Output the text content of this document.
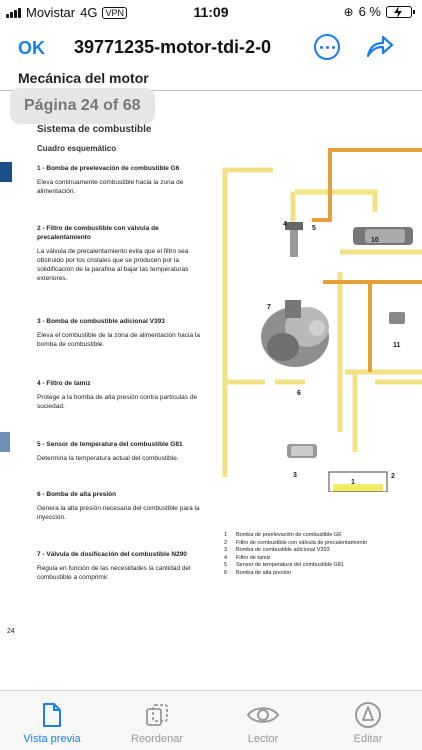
Movistar 4G VPN	11:09	⊕ 6 %
OK 39771235-motor-tdi-2-0
Mecánica del motor
Página 24 of 68
Sistema de combustible
Cuadro esquemático
1 - Bomba de preelevación de combustible G6
Eleva continuamente combustible hacia la zona de alimentación.
2 - Filtro de combustible con válvula de precalentamiento
La válvula de precalentamiento evita que el filtro sea obstruido por los cristales que se producen por la solidificación de la parafina al bajar las temperaturas exteriores.
3 - Bomba de combustible adicional V393
Eleva el combustible de la zona de alimentación hacia la bomba de combustible.
4 - Filtro de tamiz
Protege a la bomba de alta presión contra partículas de suciedad.
5 - Sensor de temperatura del combustible G81
Determina la temperatura actual del combustible.
6 - Bomba de alta presión
Genera la alta presión necesaria del combustible para la inyección.
7 - Válvula de dosificación del combustible N290
Regula en función de las necesidades la cantidad del combustible a comprimir.
4
5
10
7
6
11
3
1
2
1 Bomba de preelevación de combustible G6
2 Filtro de combustible con válvula de precalentamiento
3 Bomba de combustible adicional V393
4 Filtro de tamiz
5 Sensor de temperatura del combustible G81
6 Bomba de alta presión
24
Vista previa	Reordenar	Lector	Editar
